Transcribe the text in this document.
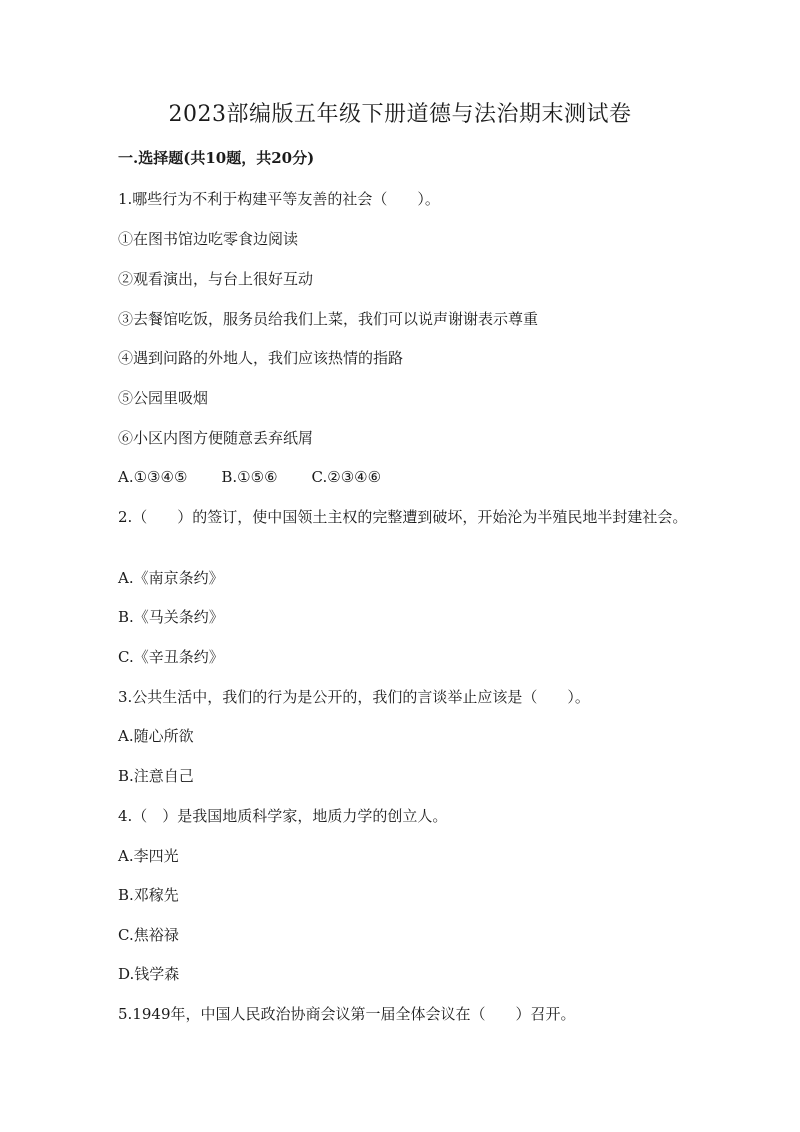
2023部编版五年级下册道德与法治期末测试卷

一.选择题(共10题，共20分)

1.哪些行为不利于构建平等友善的社会（　　）。

①在图书馆边吃零食边阅读

②观看演出，与台上很好互动

③去餐馆吃饭，服务员给我们上菜，我们可以说声谢谢表示尊重

④遇到问路的外地人，我们应该热情的指路

⑤公园里吸烟

⑥小区内图方便随意丢弃纸屑

A.①③④⑤ B.①⑤⑥ C.②③④⑥

2.（　　）的签订，使中国领土主权的完整遭到破坏，开始沦为半殖民地半封建社会。

A.《南京条约》

B.《马关条约》

C.《辛丑条约》

3.公共生活中，我们的行为是公开的，我们的言谈举止应该是（　　）。

A.随心所欲

B.注意自己

4.（　）是我国地质科学家，地质力学的创立人。

A.李四光

B.邓稼先

C.焦裕禄

D.钱学森

5.1949年，中国人民政治协商会议第一届全体会议在（　　）召开。
